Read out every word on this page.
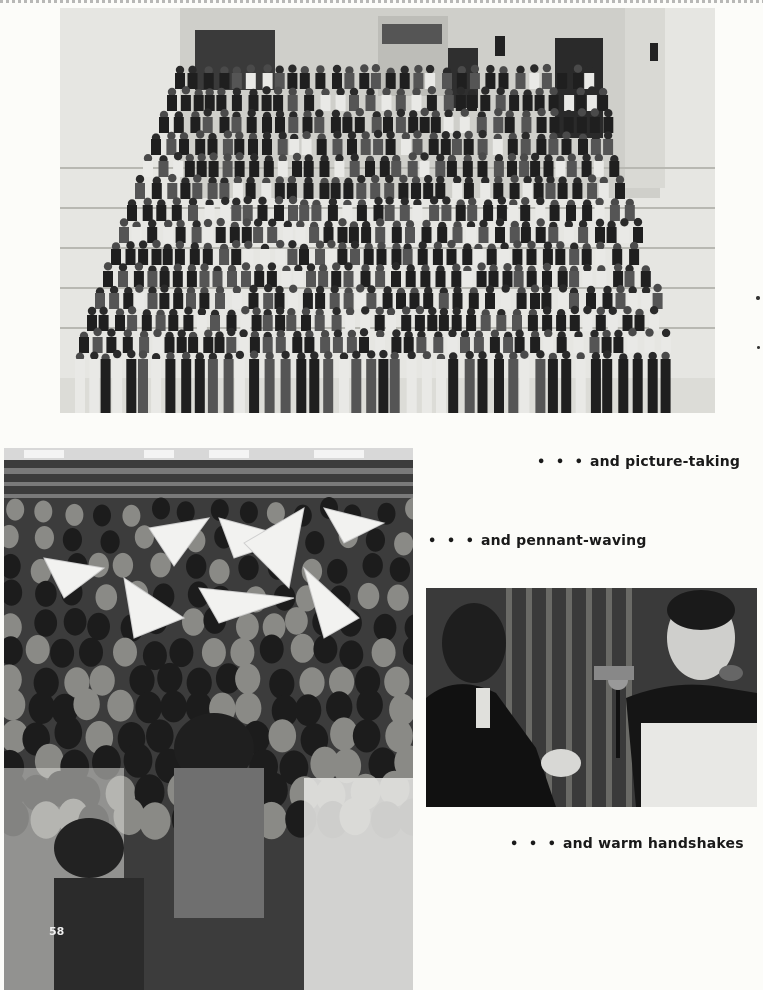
• • • and picture-taking
• • • and pennant-waving
• • • and warm handshakes
58
